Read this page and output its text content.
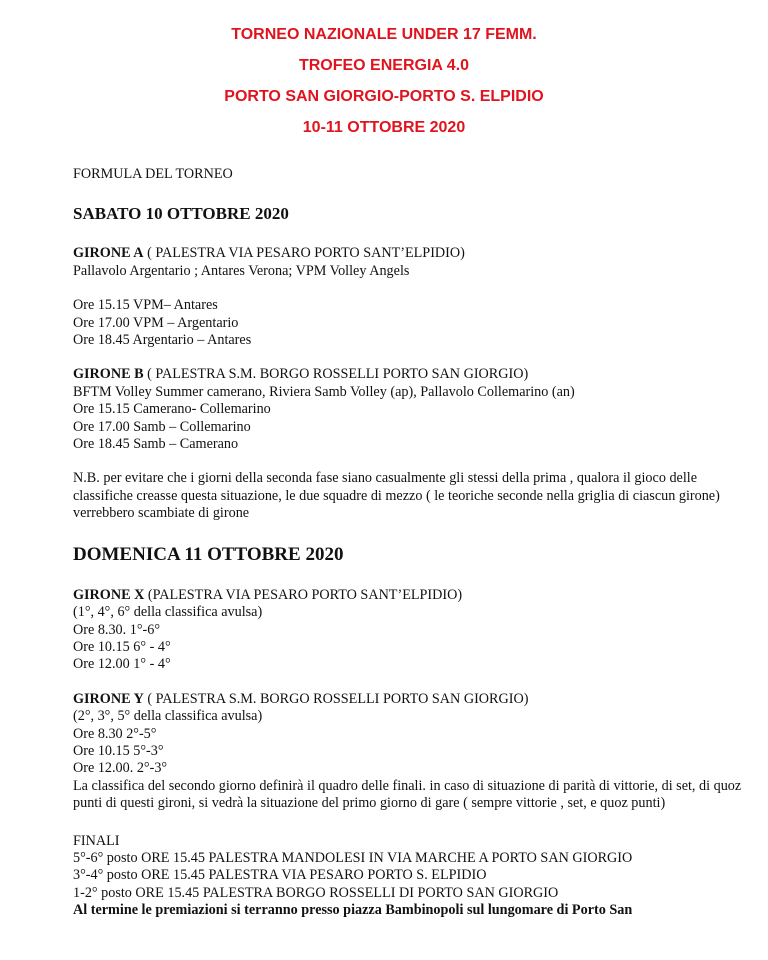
TORNEO NAZIONALE UNDER 17 FEMM.
TROFEO ENERGIA 4.0
PORTO SAN GIORGIO-PORTO S. ELPIDIO
10-11 OTTOBRE 2020
FORMULA DEL TORNEO
SABATO 10 OTTOBRE 2020
GIRONE A ( PALESTRA VIA PESARO PORTO SANT’ELPIDIO)
Pallavolo Argentario ; Antares Verona; VPM Volley Angels
Ore 15.15 VPM– Antares
Ore 17.00 VPM – Argentario
Ore 18.45 Argentario – Antares
GIRONE B ( PALESTRA S.M. BORGO ROSSELLI PORTO SAN GIORGIO)
BFTM Volley Summer camerano, Riviera Samb Volley (ap), Pallavolo Collemarino (an)
Ore 15.15 Camerano- Collemarino
Ore 17.00 Samb – Collemarino
Ore 18.45 Samb – Camerano
N.B. per evitare che i giorni della seconda fase siano casualmente gli stessi della prima , qualora il gioco delle classifiche creasse questa situazione, le due squadre di mezzo ( le teoriche seconde nella griglia di ciascun girone) verrebbero scambiate di girone
DOMENICA 11 OTTOBRE 2020
GIRONE X (PALESTRA VIA PESARO PORTO SANT’ELPIDIO)
(1°, 4°, 6° della classifica avulsa)
Ore 8.30. 1°-6°
Ore 10.15 6° - 4°
Ore 12.00 1° - 4°
GIRONE Y ( PALESTRA S.M. BORGO ROSSELLI PORTO SAN GIORGIO)
(2°, 3°, 5° della classifica avulsa)
Ore 8.30 2°-5°
Ore 10.15 5°-3°
Ore 12.00. 2°-3°
La classifica del secondo giorno definirà il quadro delle finali. in caso di situazione di parità di vittorie, di set, di quoz punti di questi gironi, si vedrà la situazione del primo giorno di gare ( sempre vittorie , set, e quoz punti)
FINALI
5°-6° posto ORE 15.45 PALESTRA MANDOLESI IN VIA MARCHE A PORTO SAN GIORGIO
3°-4° posto ORE 15.45 PALESTRA VIA PESARO PORTO S. ELPIDIO
1-2° posto ORE 15.45 PALESTRA BORGO ROSSELLI DI PORTO SAN GIORGIO
Al termine le premiazioni si terranno presso piazza Bambinopoli sul lungomare di Porto San
